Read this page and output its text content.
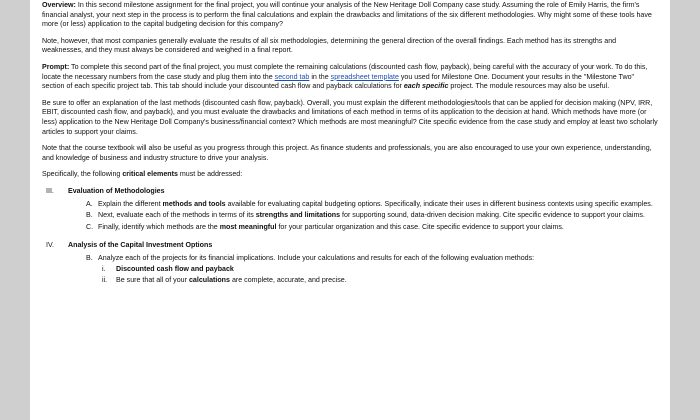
Overview: In this second milestone assignment for the final project, you will continue your analysis of the New Heritage Doll Company case study. Assuming the role of Emily Harris, the firm's financial analyst, your next step in the process is to perform the final calculations and explain the drawbacks and limitations of the six different methodologies. Why might some of these tools have more (or less) application to the capital budgeting decision for this company?

Note, however, that most companies generally evaluate the results of all six methodologies, determining the general direction of the overall findings. Each method has its strengths and weaknesses, and they must always be considered and weighed in a final report.

Prompt: To complete this second part of the final project, you must complete the remaining calculations (discounted cash flow, payback), being careful with the accuracy of your work. To do this, locate the necessary numbers from the case study and plug them into the second tab in the spreadsheet template you used for Milestone One. Document your results in the "Milestone Two" section of each specific project tab. This tab should include your discounted cash flow and payback calculations for each specific project. The module resources may also be useful.

Be sure to offer an explanation of the last methods (discounted cash flow, payback). Overall, you must explain the different methodologies/tools that can be applied for decision making (NPV, IRR, EBIT, discounted cash flow, and payback), and you must evaluate the drawbacks and limitations of each method in terms of its application to the decision at hand. Which methods have more (or less) application to the New Heritage Doll Company's business/financial context? Which methods are most meaningful? Cite specific evidence from the case study and employ at least two scholarly articles to support your claims.

Note that the course textbook will also be useful as you progress through this project. As finance students and professionals, you are also encouraged to use your own experience, understanding, and knowledge of business and industry structure to drive your analysis.

Specifically, the following critical elements must be addressed:

III.	Evaluation of Methodologies
A. Explain the different methods and tools available for evaluating capital budgeting options. Specifically, indicate their uses in different business contexts using specific examples.
B. Next, evaluate each of the methods in terms of its strengths and limitations for supporting sound, data-driven decision making. Cite specific evidence to support your claims.
C. Finally, identify which methods are the most meaningful for your particular organization and this case. Cite specific evidence to support your claims.
IV.	Analysis of the Capital Investment Options
B. Analyze each of the projects for its financial implications. Include your calculations and results for each of the following evaluation methods:
i.	Discounted cash flow and payback
ii.	Be sure that all of your calculations are complete, accurate, and precise.
